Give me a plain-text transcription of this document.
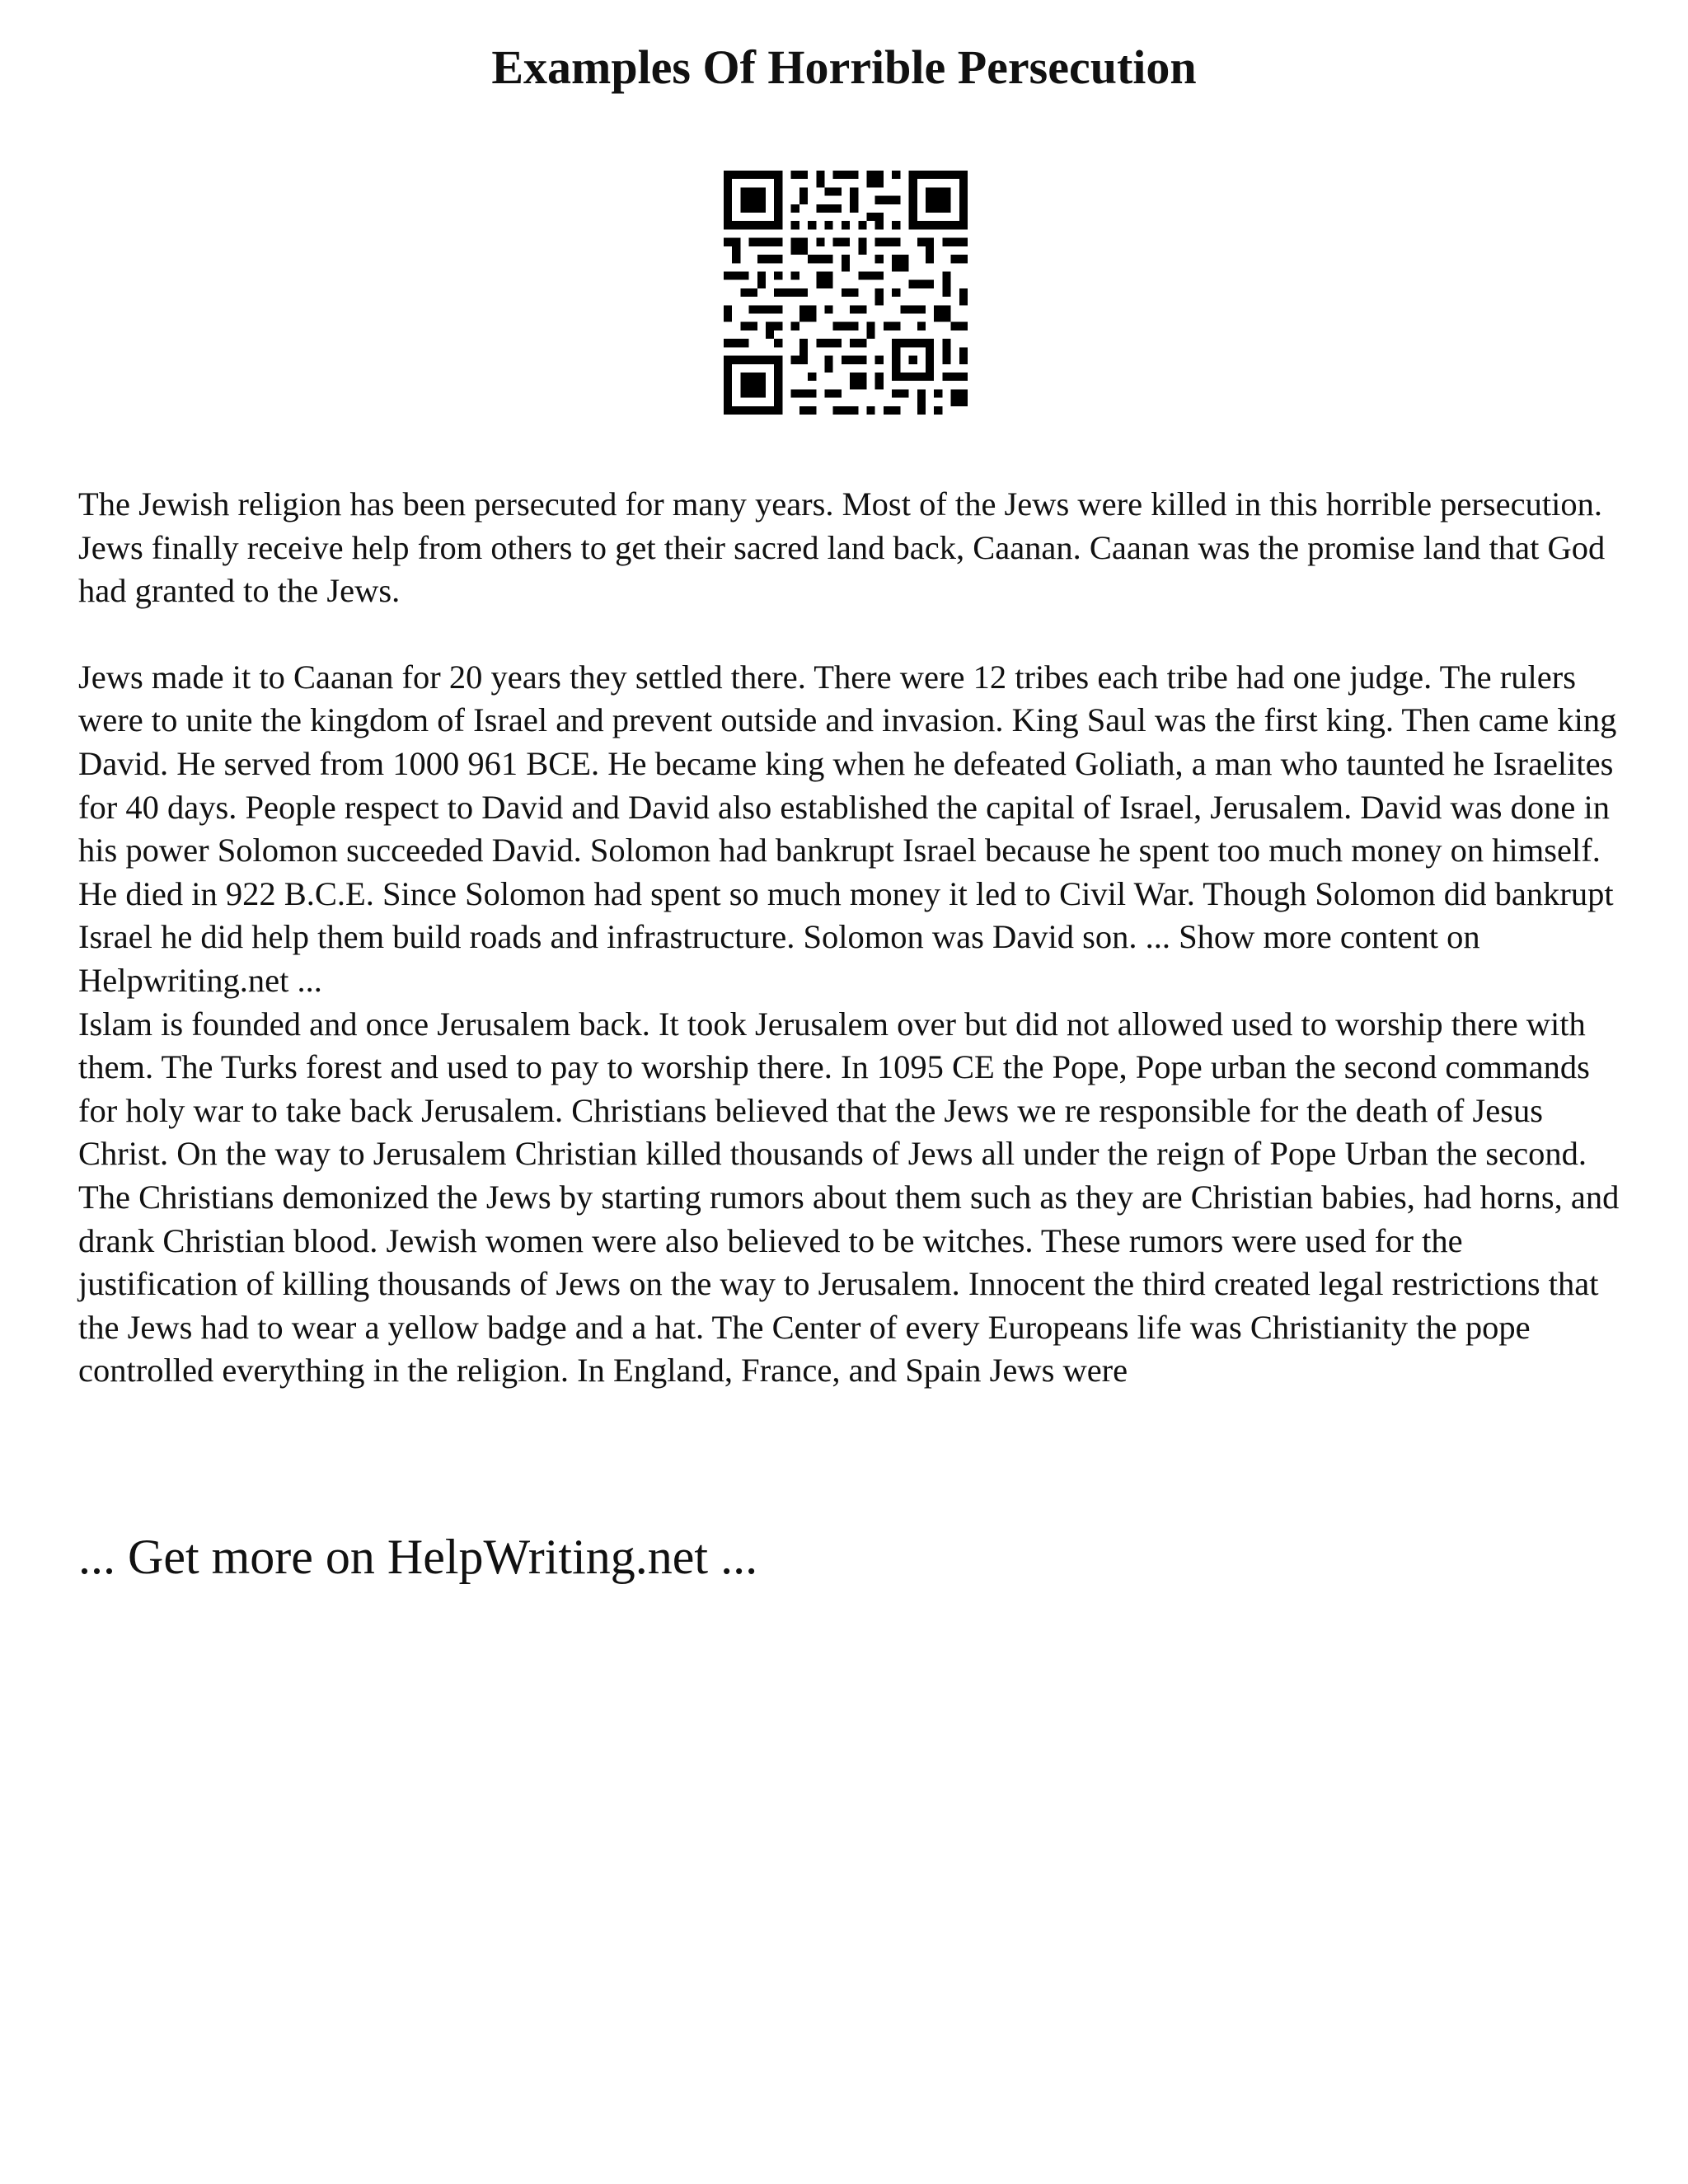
Examples Of Horrible Persecution

The Jewish religion has been persecuted for many years. Most of the Jews were killed in this horrible persecution. Jews finally receive help from others to get their sacred land back, Caanan. Caanan was the promise land that God had granted to the Jews.

Jews made it to Caanan for 20 years they settled there. There were 12 tribes each tribe had one judge. The rulers were to unite the kingdom of Israel and prevent outside and invasion. King Saul was the first king. Then came king David. He served from 1000 961 BCE. He became king when he defeated Goliath, a man who taunted he Israelites for 40 days. People respect to David and David also established the capital of Israel, Jerusalem. David was done in his power Solomon succeeded David. Solomon had bankrupt Israel because he spent too much money on himself. He died in 922 B.C.E. Since Solomon had spent so much money it led to Civil War. Though Solomon did bankrupt Israel he did help them build roads and infrastructure. Solomon was David son. ... Show more content on Helpwriting.net ...

Islam is founded and once Jerusalem back. It took Jerusalem over but did not allowed used to worship there with them. The Turks forest and used to pay to worship there. In 1095 CE the Pope, Pope urban the second commands for holy war to take back Jerusalem. Christians believed that the Jews we re responsible for the death of Jesus Christ. On the way to Jerusalem Christian killed thousands of Jews all under the reign of Pope Urban the second. The Christians demonized the Jews by starting rumors about them such as they are Christian babies, had horns, and drank Christian blood. Jewish women were also believed to be witches. These rumors were used for the justification of killing thousands of Jews on the way to Jerusalem. Innocent the third created legal restrictions that the Jews had to wear a yellow badge and a hat. The Center of every Europeans life was Christianity the pope controlled everything in the religion. In England, France, and Spain Jews were

... Get more on HelpWriting.net ...
